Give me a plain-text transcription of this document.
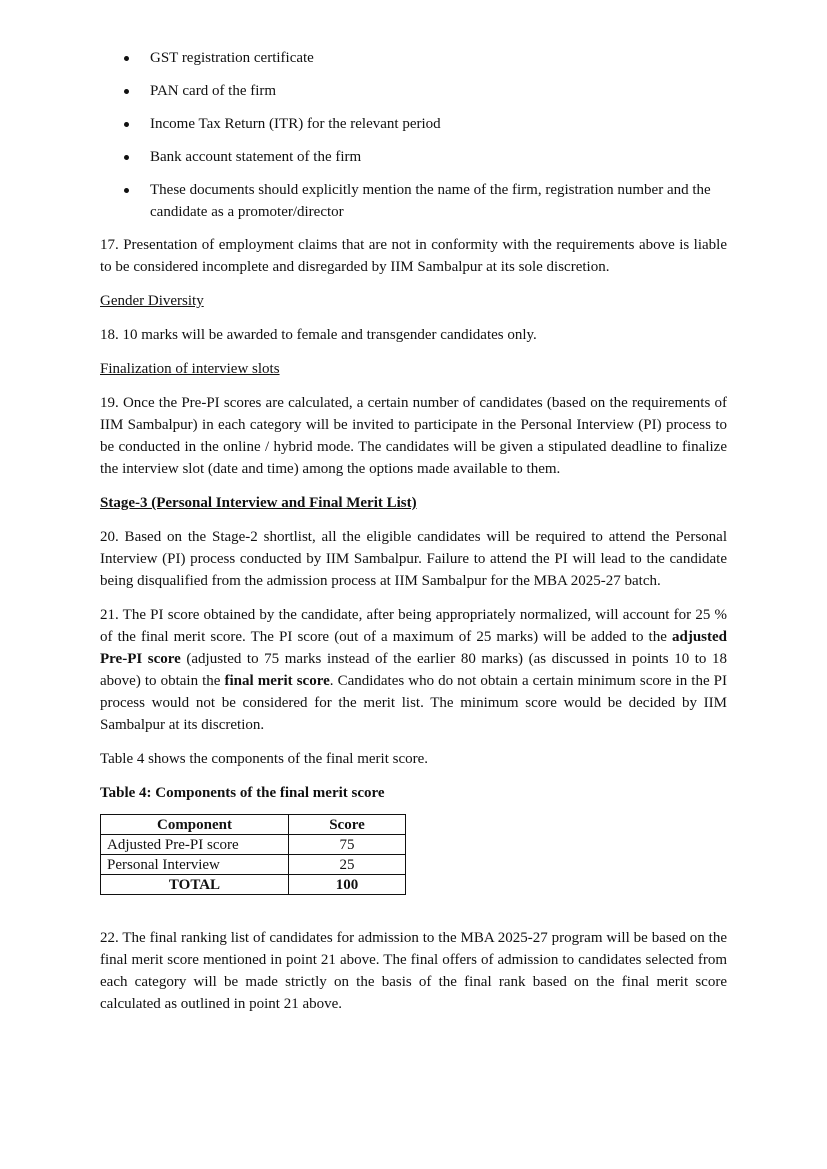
GST registration certificate
PAN card of the firm
Income Tax Return (ITR) for the relevant period
Bank account statement of the firm
These documents should explicitly mention the name of the firm, registration number and the candidate as a promoter/director

17. Presentation of employment claims that are not in conformity with the requirements above is liable to be considered incomplete and disregarded by IIM Sambalpur at its sole discretion.

Gender Diversity

18. 10 marks will be awarded to female and transgender candidates only.

Finalization of interview slots

19. Once the Pre-PI scores are calculated, a certain number of candidates (based on the requirements of IIM Sambalpur) in each category will be invited to participate in the Personal Interview (PI) process to be conducted in the online / hybrid mode. The candidates will be given a stipulated deadline to finalize the interview slot (date and time) among the options made available to them.

Stage-3 (Personal Interview and Final Merit List)

20. Based on the Stage-2 shortlist, all the eligible candidates will be required to attend the Personal Interview (PI) process conducted by IIM Sambalpur. Failure to attend the PI will lead to the candidate being disqualified from the admission process at IIM Sambalpur for the MBA 2025-27 batch.

21. The PI score obtained by the candidate, after being appropriately normalized, will account for 25 % of the final merit score. The PI score (out of a maximum of 25 marks) will be added to the adjusted Pre-PI score (adjusted to 75 marks instead of the earlier 80 marks) (as discussed in points 10 to 18 above) to obtain the final merit score. Candidates who do not obtain a certain minimum score in the PI process would not be considered for the merit list. The minimum score would be decided by IIM Sambalpur at its discretion.

Table 4 shows the components of the final merit score.

Table 4: Components of the final merit score
Component	Score
Adjusted Pre-PI score	75
Personal Interview	25
TOTAL	100

22. The final ranking list of candidates for admission to the MBA 2025-27 program will be based on the final merit score mentioned in point 21 above. The final offers of admission to candidates selected from each category will be made strictly on the basis of the final rank based on the final merit score calculated as outlined in point 21 above.
